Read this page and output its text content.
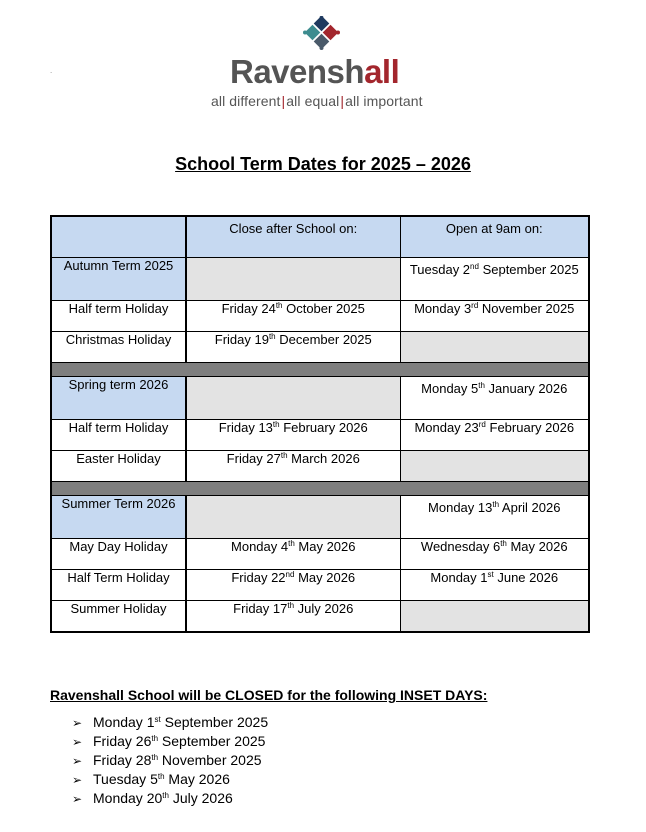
.	Ravenshall
all different|all equal|all important
School Term Dates for 2025 – 2026
	Close after School on:	Open at 9am on:
Autumn Term 2025		Tuesday 2nd September 2025
Half term Holiday	Friday 24th October 2025	Monday 3rd November 2025
Christmas Holiday	Friday 19th December 2025	

Spring term 2026		Monday 5th January 2026
Half term Holiday	Friday 13th February 2026	Monday 23rd February 2026
Easter Holiday	Friday 27th March 2026	

Summer Term 2026		Monday 13th April 2026
May Day Holiday	Monday 4th May 2026	Wednesday 6th May 2026
Half Term Holiday	Friday 22nd May 2026	Monday 1st June 2026
Summer Holiday	Friday 17th July 2026	
Ravenshall School will be CLOSED for the following INSET DAYS:
➢ Monday 1st September 2025
➢ Friday 26th September 2025
➢ Friday 28th November 2025
➢ Tuesday 5th May 2026
➢ Monday 20th July 2026
